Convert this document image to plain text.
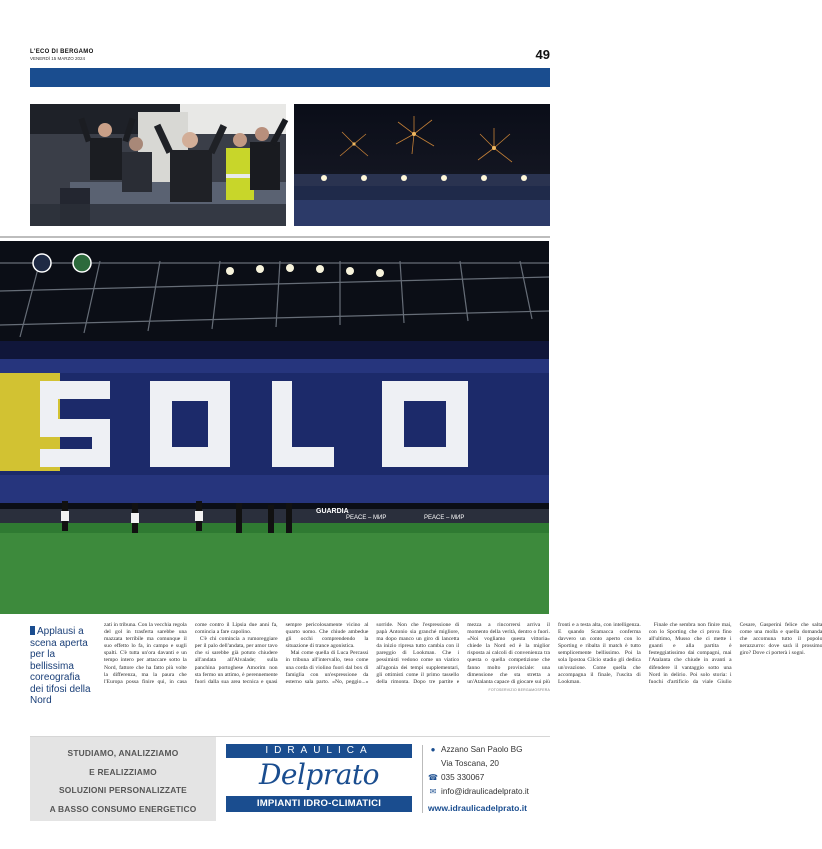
L'ECO DI BERGAMO
VENERDÌ 15 MARZO 2024	49
PEACE – МИР	PEACE – МИР
GUARDIA
Applausi a scena aperta per la bellissima coreografia dei tifosi della Nord

zati in tribuna. Con la vecchia regola del gol in trasferta sarebbe una mazzata terribile ma comunque il suo effetto lo fa, in campo e sugli spalti. C'è tutta un'ora davanti e un tempo intero per attaccare sotto la Nord, fattore che ha fatto più volte la differenza, ma la paura che l'Europa possa finire qui, in casa come contro il Lipsia due anni fa, comincia a fare capolino.

C'è chi comincia a rumoreggiare per il palo dell'andata, per amor tavo che si sarebbe già potuto chiudere all'andata all'Alvalade; sulla panchina portoghese Amorim non sta fermo un attimo, è perennemente fuori dalla sua area tecnica e quasi sempre pericolosamente vicino al quarto uomo. Che chiude ambedue gli occhi comprendendo la situazione di trance agonistica.

Mai come quella di Luca Percassi in tribuna all'intervallo, teso come una corda di violino fuori dal box di famiglia con un'espressione da esterno sala parto. «No, peggio...» sorride. Non che l'espressione di papà Antonio sia granché migliore, ma dopo manco un giro di lancetta da inizio ripresa tutto cambia con il pareggio di Lookman. Che i pessimisti vedono come un viatico all'agonia dei tempi supplementari, gli ottimisti come il primo tassello della rimonta. Dopo tre partite e mezza a rincorrersi arriva il momento della verità, dentro o fuori. «Noi vogliamo questa vittoria» chiede la Nord ed è la miglior risposta ai calcoli di convenienza tra questa o quella competizione che fanno molto provinciale: una dimensione che sta stretta a un'Atalanta capace di giocare sui più fronti e a testa alta, con intelligenza. E quando Scamacca conferma davvero un conto aperto con lo Sporting e ribalta il match è tutto semplicemente bellissimo. Poi la sola Ipostoa Cilcio stadio gli dedica un'ovazione. Come quella che accompagna il finale, l'uscita di Lookman.

Finale che sembra non finire mai, con lo Sporting che ci prova fino all'ultimo, Musso che ci mette i guanti e alla partita è festeggiatissimo dai compagni, mai l'Atalanta che chiude in avanti a difendere il vantaggio sotto una Nord in delirio. Poi solo storia: i fuochi d'artificio da viale Giulio Cesare, Gasperini felice che salta come una molla e quella domanda che accomuna tutto il popolo nerazzurro: dove sarà il prossimo giro? Dove ci porterà i sogni.

FOTOSERVIZIO BERGAMOSFERA
STUDIAMO, ANALIZZIAMO
E REALIZZIAMO
SOLUZIONI PERSONALIZZATE
A BASSO CONSUMO ENERGETICO
IDRAULICA
Delprato
IMPIANTI IDRO-CLIMATICI
● Azzano San Paolo BG
Via Toscana, 20
☎ 035 330067
✉ info@idraulicadelprato.it
www.idraulicadelprato.it
